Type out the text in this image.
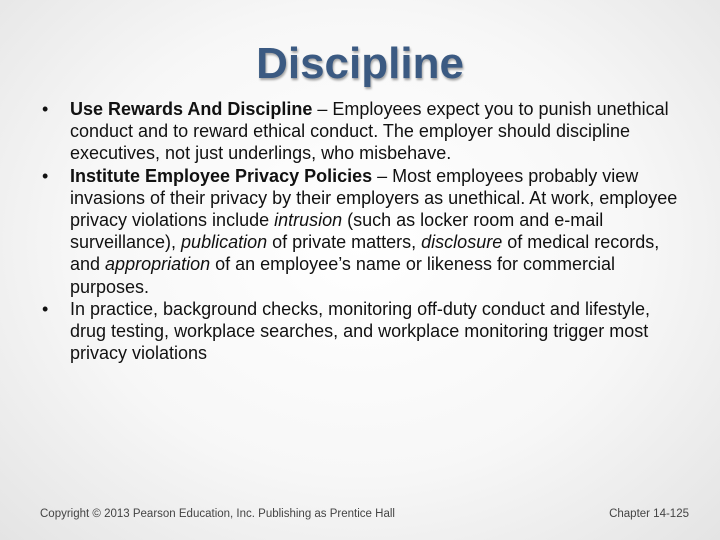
Discipline

•	Use Rewards And Discipline – Employees expect you to punish unethical conduct and to reward ethical conduct. The employer should discipline executives, not just underlings, who misbehave.

•	Institute Employee Privacy Policies – Most employees probably view invasions of their privacy by their employers as unethical. At work, employee privacy violations include intrusion (such as locker room and e-mail surveillance), publication of private matters, disclosure of medical records, and appropriation of an employee’s name or likeness for commercial purposes.

•	In practice, background checks, monitoring off-duty conduct and lifestyle, drug testing, workplace searches, and workplace monitoring trigger most privacy violations

Copyright © 2013 Pearson Education, Inc. Publishing as Prentice Hall	Chapter 14-125
